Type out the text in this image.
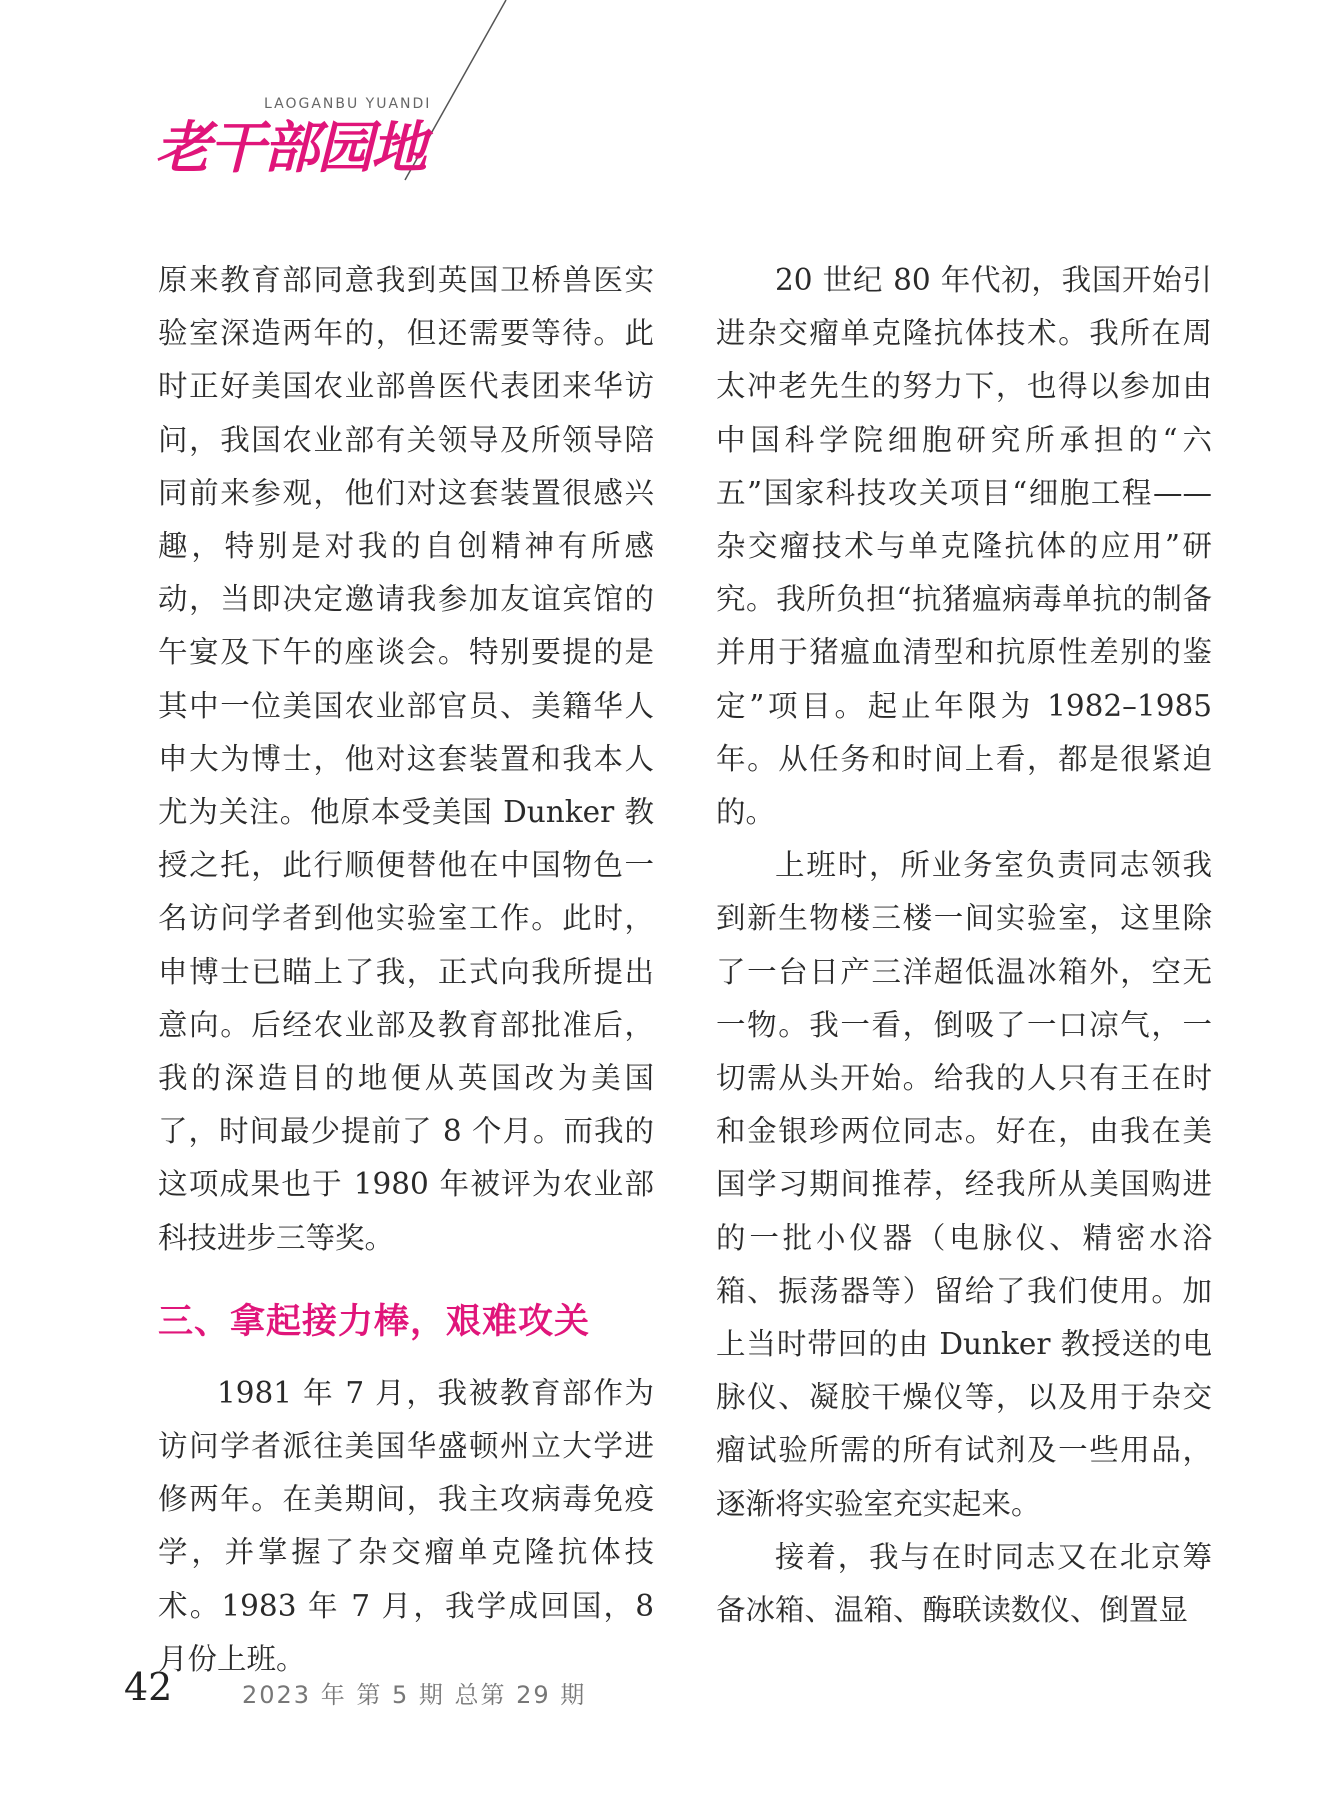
LAOGANBU YUANDI
老干部园地

原来教育部同意我到英国卫桥兽医实验室深造两年的，但还需要等待。此时正好美国农业部兽医代表团来华访问，我国农业部有关领导及所领导陪同前来参观，他们对这套装置很感兴趣，特别是对我的自创精神有所感动，当即决定邀请我参加友谊宾馆的午宴及下午的座谈会。特别要提的是其中一位美国农业部官员、美籍华人申大为博士，他对这套装置和我本人尤为关注。他原本受美国 Dunker 教授之托，此行顺便替他在中国物色一名访问学者到他实验室工作。此时，申博士已瞄上了我，正式向我所提出意向。后经农业部及教育部批准后，我的深造目的地便从英国改为美国了，时间最少提前了 8 个月。而我的这项成果也于 1980 年被评为农业部科技进步三等奖。

三、拿起接力棒，艰难攻关

1981 年 7 月，我被教育部作为访问学者派往美国华盛顿州立大学进修两年。在美期间，我主攻病毒免疫学，并掌握了杂交瘤单克隆抗体技术。1983 年 7 月，我学成回国，8 月份上班。

20 世纪 80 年代初，我国开始引进杂交瘤单克隆抗体技术。我所在周太冲老先生的努力下，也得以参加由中国科学院细胞研究所承担的“六五”国家科技攻关项目“细胞工程——杂交瘤技术与单克隆抗体的应用”研究。我所负担“抗猪瘟病毒单抗的制备并用于猪瘟血清型和抗原性差别的鉴定”项目。起止年限为 1982–1985 年。从任务和时间上看，都是很紧迫的。

上班时，所业务室负责同志领我到新生物楼三楼一间实验室，这里除了一台日产三洋超低温冰箱外，空无一物。我一看，倒吸了一口凉气，一切需从头开始。给我的人只有王在时和金银珍两位同志。好在，由我在美国学习期间推荐，经我所从美国购进的一批小仪器（电脉仪、精密水浴箱、振荡器等）留给了我们使用。加上当时带回的由 Dunker 教授送的电脉仪、凝胶干燥仪等，以及用于杂交瘤试验所需的所有试剂及一些用品，逐渐将实验室充实起来。

接着，我与在时同志又在北京筹备冰箱、温箱、酶联读数仪、倒置显

42	2023 年 第 5 期 总第 29 期
